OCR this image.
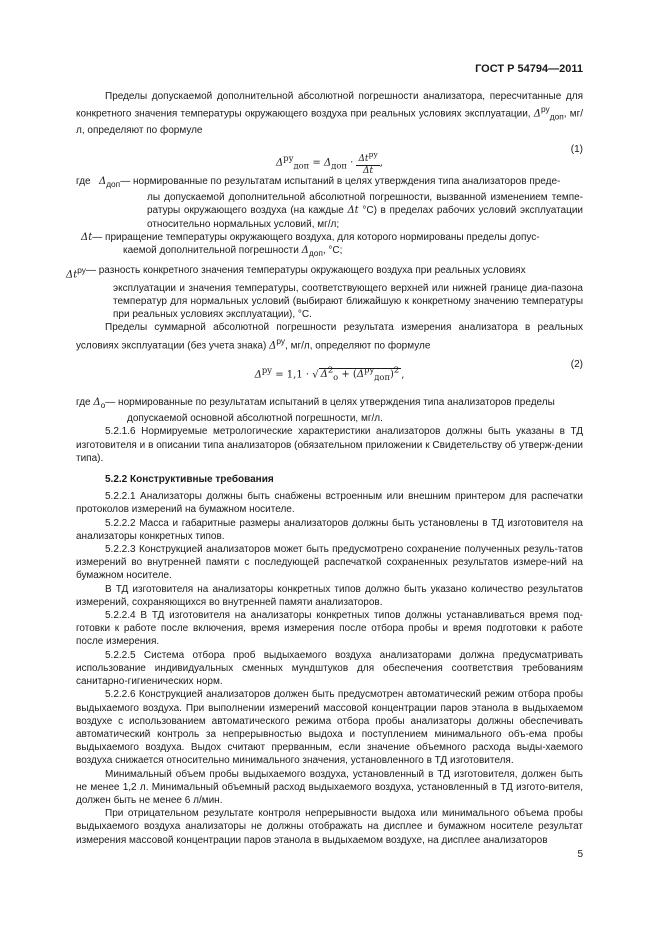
ГОСТ Р 54794—2011

Пределы допускаемой дополнительной абсолютной погрешности анализатора, пересчитанные для конкретного значения температуры окружающего воздуха при реальных условиях эксплуатации, $\Delta^{ру}_{доп}$, мг/л, определяют по формуле

$\Delta^{ру}_{доп} = \Delta_{доп} \cdot \frac{\Delta t^{ру}}{\Delta t}$ ,
(1)
где $\Delta_{доп}$ — нормированные по результатам испытаний в целях утверждения типа анализаторов преде-

лы допускаемой дополнительной абсолютной погрешности, вызванной изменением темпе-ратуры окружающего воздуха (на каждые Δt °С) в пределах рабочих условий эксплуатации относительно нормальных условий, мг/л;

Δt — приращение температуры окружающего воздуха, для которого нормированы пределы допус-

каемой дополнительной погрешности $\Delta_{доп}$, °С;

$\Delta t^{ру}$ — разность конкретного значения температуры окружающего воздуха при реальных условиях

эксплуатации и значения температуры, соответствующего верхней или нижней границе диа-пазона температур для нормальных условий (выбирают ближайшую к конкретному значению температуры при реальных условиях эксплуатации), °С.

Пределы суммарной абсолютной погрешности результата измерения анализатора в реальных условиях эксплуатации (без учета знака) $\Delta^{ру}$, мг/л, определяют по формуле

$\Delta^{ру} = 1,1$ · √ $\Delta^2_о + (\Delta^{ру}_{доп})^2$ ,
(2)
где $\Delta_о$ — нормированные по результатам испытаний в целях утверждения типа анализаторов пределы

допускаемой основной абсолютной погрешности, мг/л.

5.2.1.6 Нормируемые метрологические характеристики анализаторов должны быть указаны в ТД изготовителя и в описании типа анализаторов (обязательном приложении к Свидетельству об утверж-дении типа).

5.2.2 Конструктивные требования

5.2.2.1 Анализаторы должны быть снабжены встроенным или внешним принтером для распечатки протоколов измерений на бумажном носителе.

5.2.2.2 Масса и габаритные размеры анализаторов должны быть установлены в ТД изготовителя на анализаторы конкретных типов.

5.2.2.3 Конструкцией анализаторов может быть предусмотрено сохранение полученных резуль-татов измерений во внутренней памяти с последующей распечаткой сохраненных результатов измере-ний на бумажном носителе.

В ТД изготовителя на анализаторы конкретных типов должно быть указано количество результатов измерений, сохраняющихся во внутренней памяти анализаторов.

5.2.2.4 В ТД изготовителя на анализаторы конкретных типов должны устанавливаться время под-готовки к работе после включения, время измерения после отбора пробы и время подготовки к работе после измерения.

5.2.2.5 Система отбора проб выдыхаемого воздуха анализаторами должна предусматривать использование индивидуальных сменных мундштуков для обеспечения соответствия требованиям санитарно-гигиенических норм.

5.2.2.6 Конструкцией анализаторов должен быть предусмотрен автоматический режим отбора пробы выдыхаемого воздуха. При выполнении измерений массовой концентрации паров этанола в выдыхаемом воздухе с использованием автоматического режима отбора пробы анализаторы должны обеспечивать автоматический контроль за непрерывностью выдоха и поступлением минимального объ-ема пробы выдыхаемого воздуха. Выдох считают прерванным, если значение объемного расхода выды-хаемого воздуха снижается относительно минимального значения, установленного в ТД изготовителя.

Минимальный объем пробы выдыхаемого воздуха, установленный в ТД изготовителя, должен быть не менее 1,2 л. Минимальный объемный расход выдыхаемого воздуха, установленный в ТД изгото-вителя, должен быть не менее 6 л/мин.

При отрицательном результате контроля непрерывности выдоха или минимального объема пробы выдыхаемого воздуха анализаторы не должны отображать на дисплее и бумажном носителе результат измерения массовой концентрации паров этанола в выдыхаемом воздухе, на дисплее анализаторов

5
